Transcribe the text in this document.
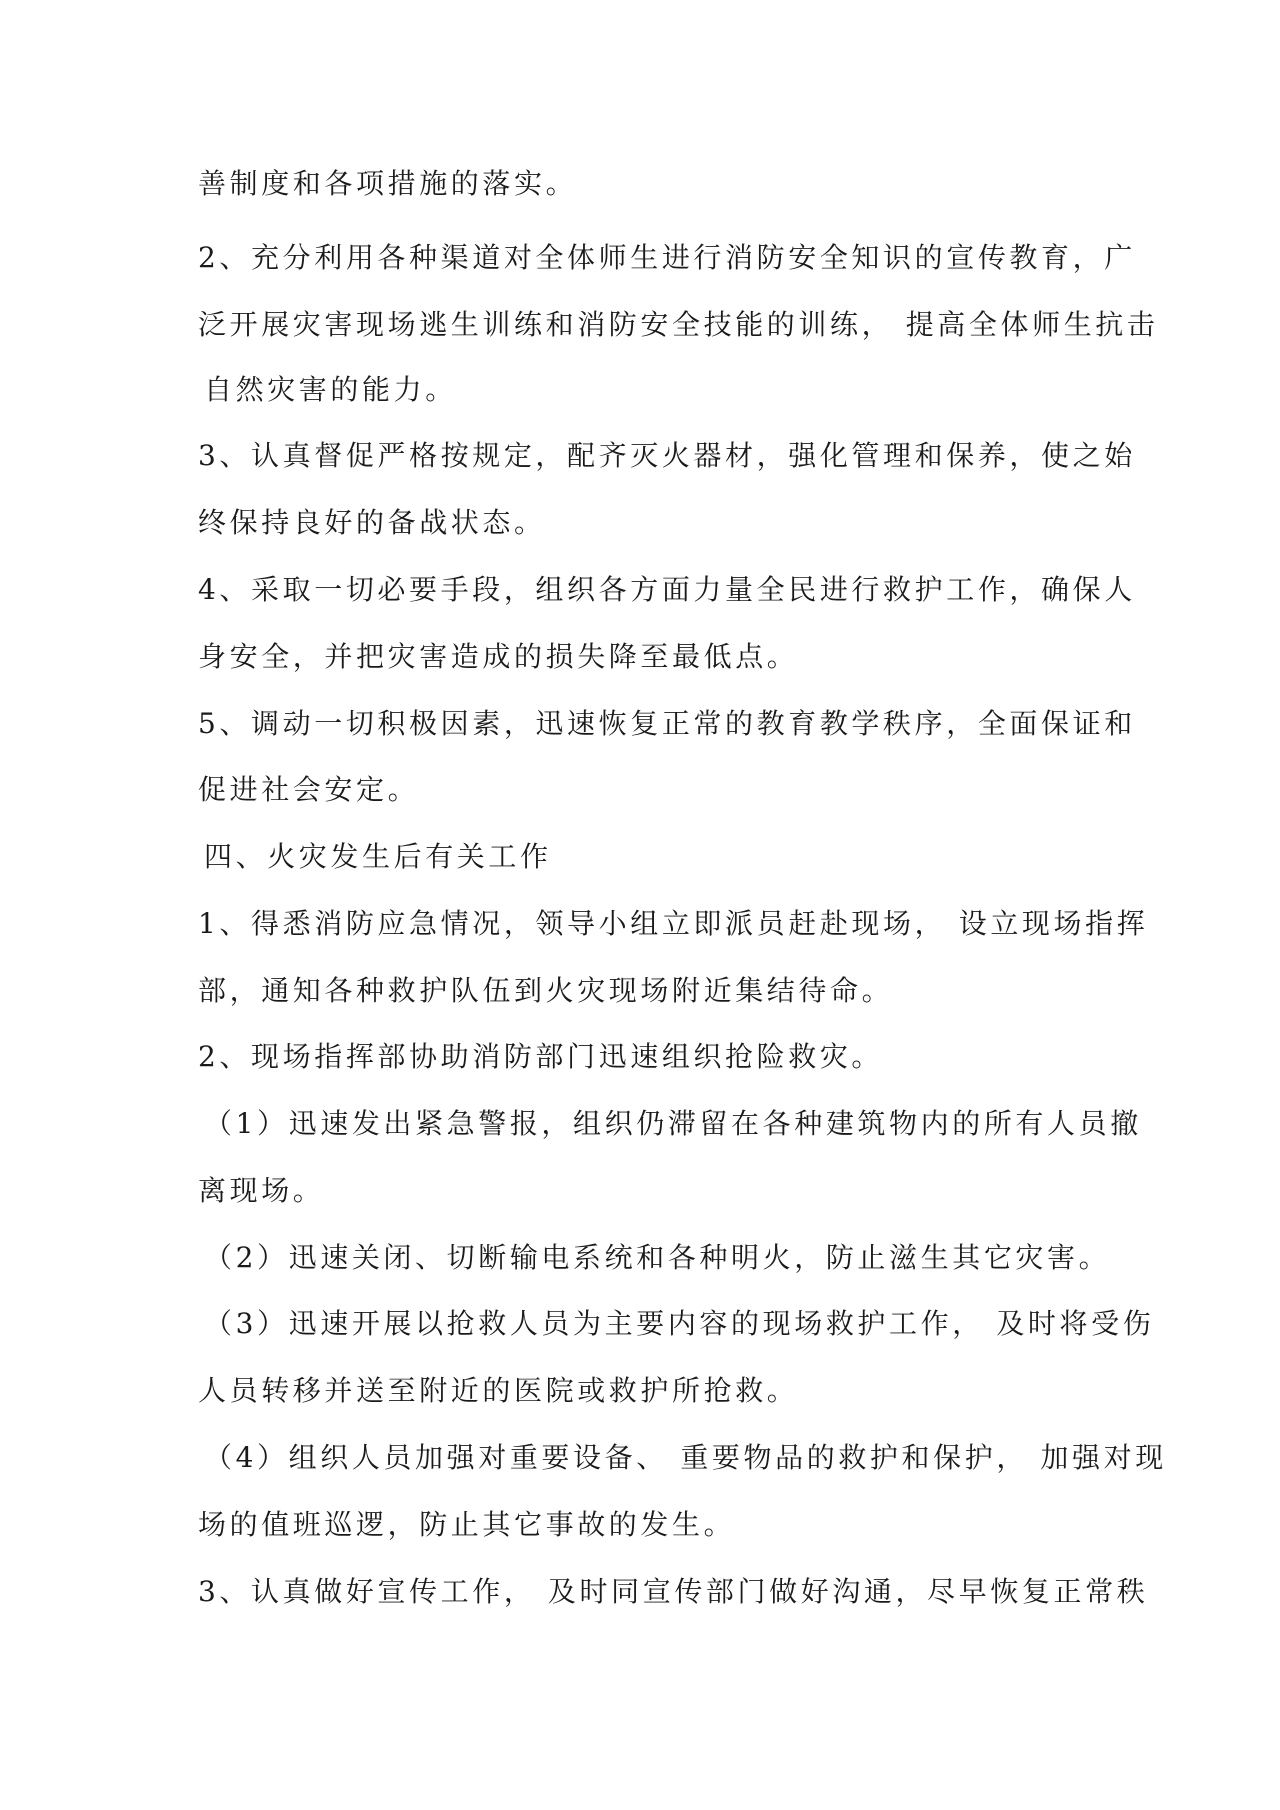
善制度和各项措施的落实。

2、充分利用各种渠道对全体师生进行消防安全知识的宣传教育，广

泛开展灾害现场逃生训练和消防安全技能的训练， 提高全体师生抗击

自然灾害的能力。

3、认真督促严格按规定，配齐灭火器材，强化管理和保养，使之始

终保持良好的备战状态。

4、采取一切必要手段，组织各方面力量全民进行救护工作，确保人

身安全，并把灾害造成的损失降至最低点。

5、调动一切积极因素，迅速恢复正常的教育教学秩序，全面保证和

促进社会安定。

四、火灾发生后有关工作

1、得悉消防应急情况，领导小组立即派员赶赴现场， 设立现场指挥

部，通知各种救护队伍到火灾现场附近集结待命。

2、现场指挥部协助消防部门迅速组织抢险救灾。

（1）迅速发出紧急警报，组织仍滞留在各种建筑物内的所有人员撤

离现场。

（2）迅速关闭、切断输电系统和各种明火，防止滋生其它灾害。

（3）迅速开展以抢救人员为主要内容的现场救护工作， 及时将受伤

人员转移并送至附近的医院或救护所抢救。

（4）组织人员加强对重要设备、 重要物品的救护和保护， 加强对现

场的值班巡逻，防止其它事故的发生。

3、认真做好宣传工作， 及时同宣传部门做好沟通，尽早恢复正常秩
